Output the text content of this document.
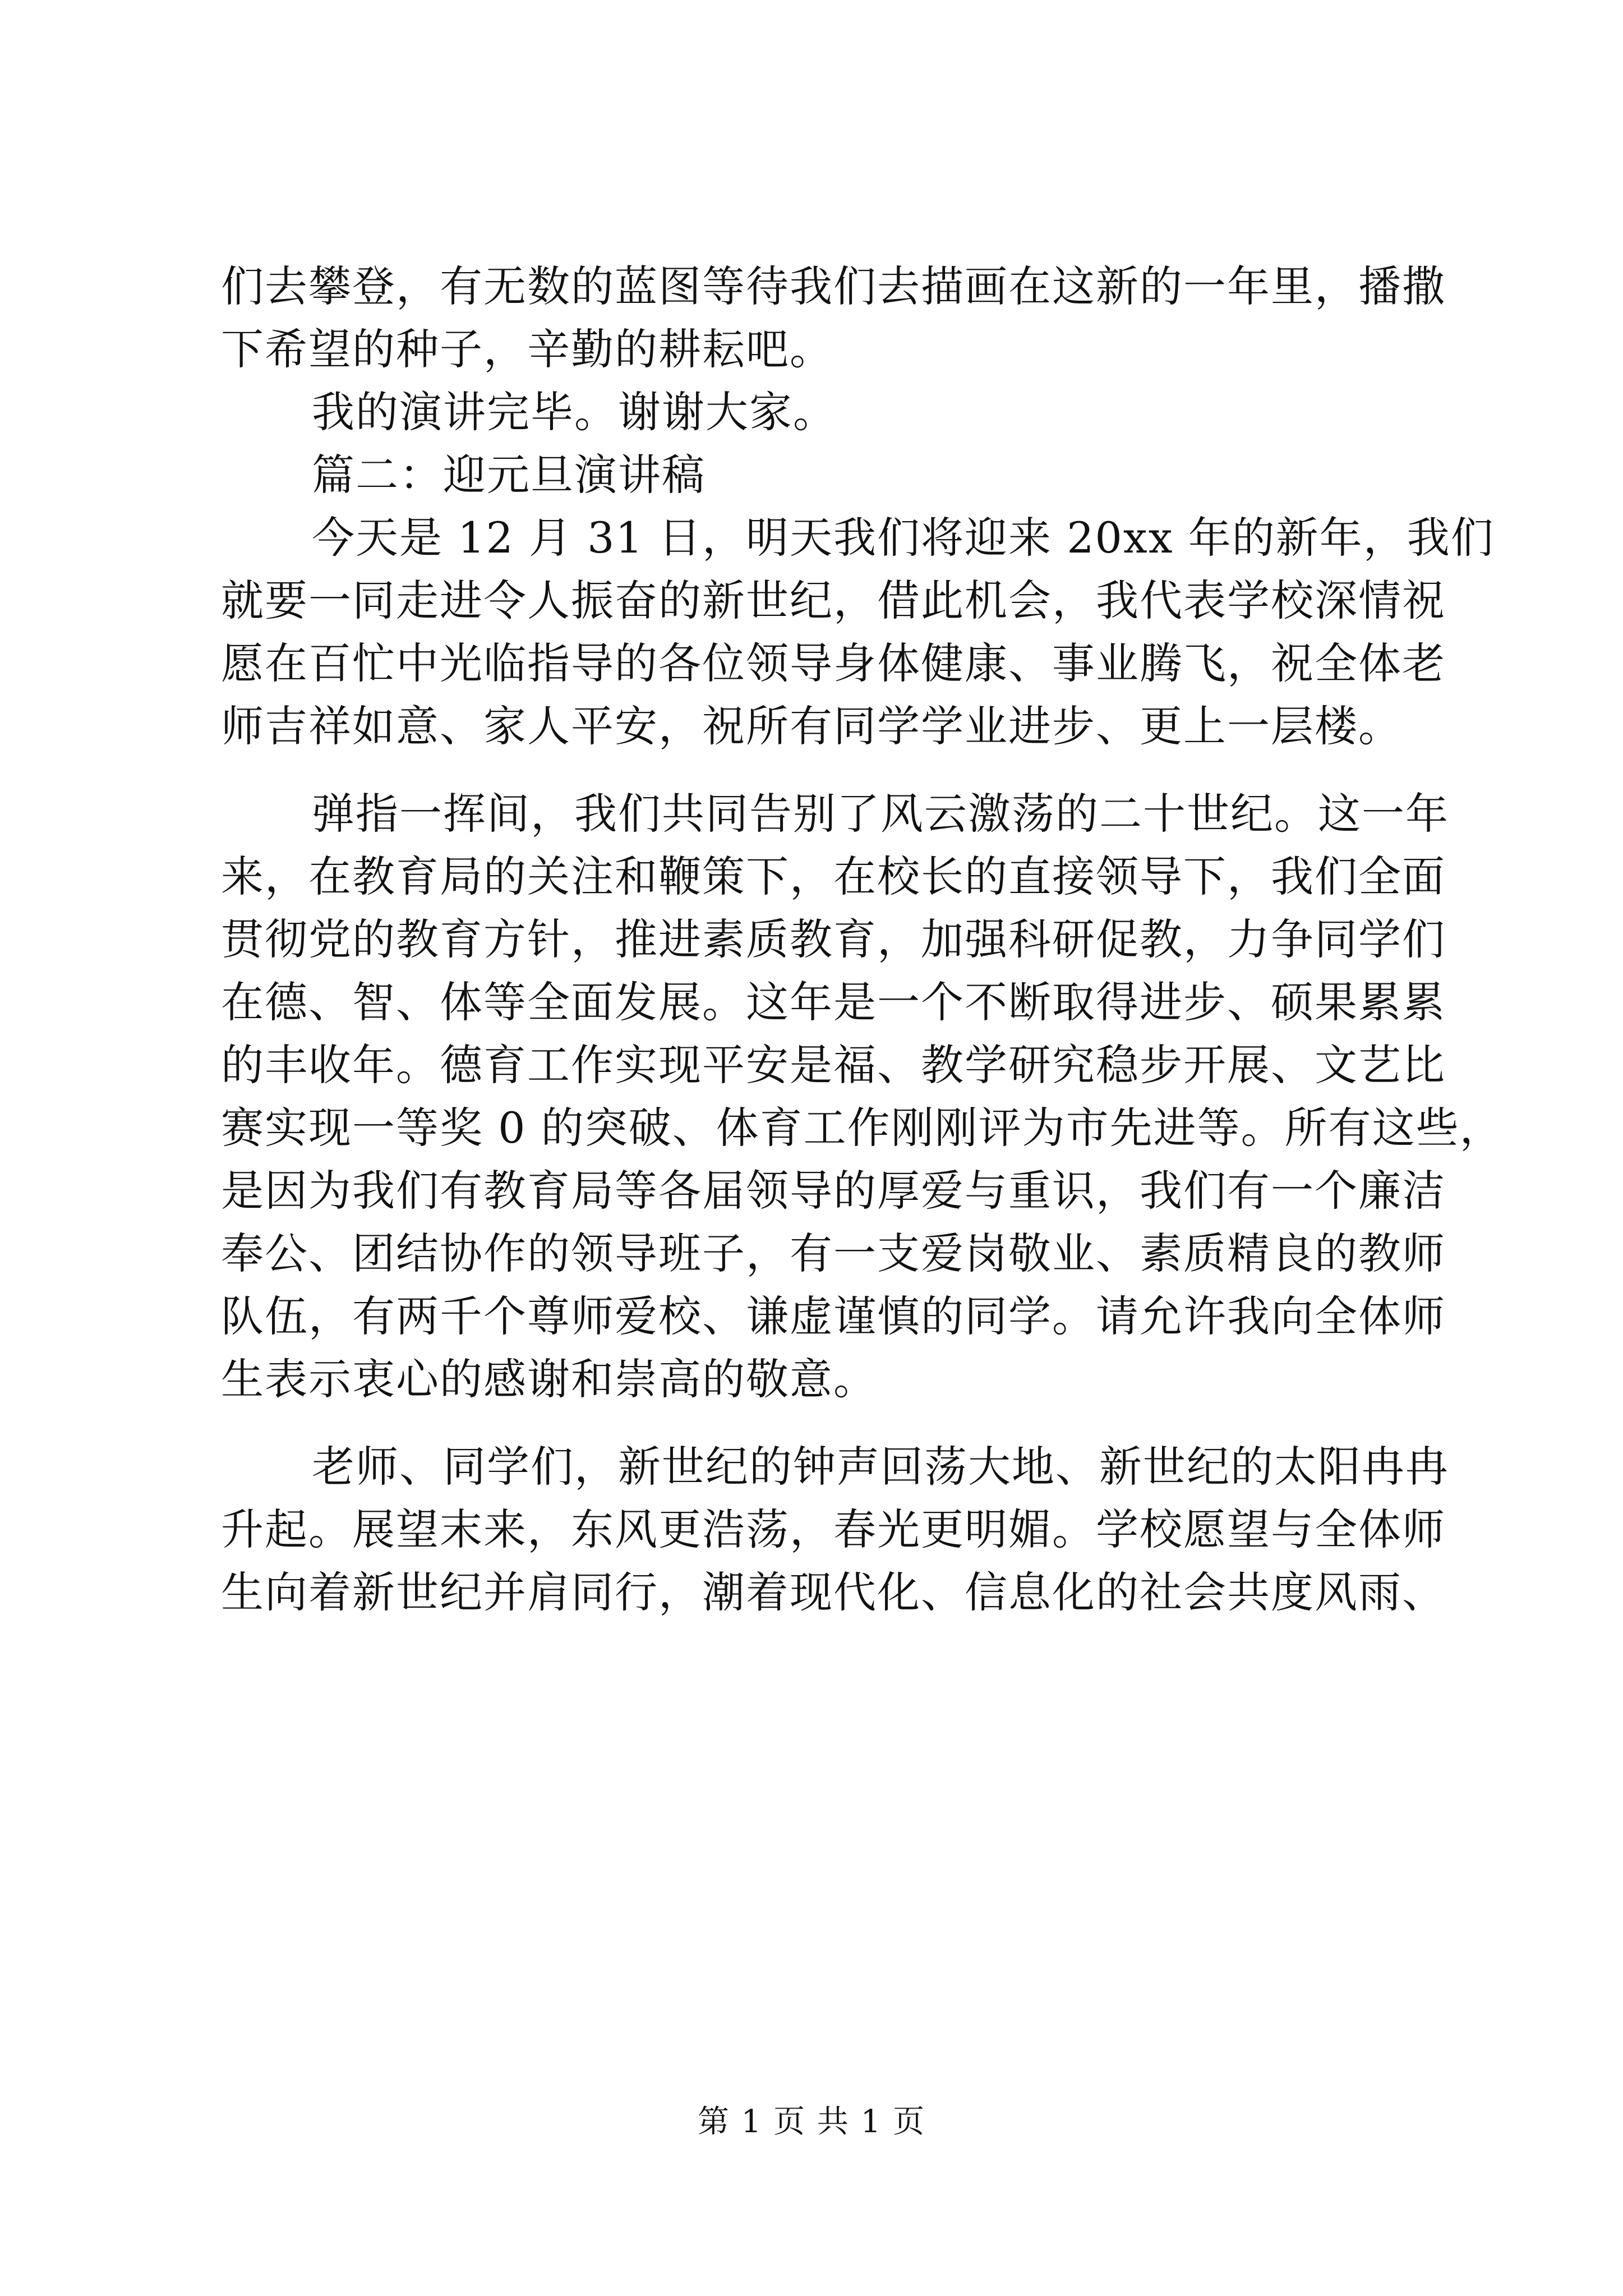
们去攀登，有无数的蓝图等待我们去描画在这新的一年里，播撒
下希望的种子，辛勤的耕耘吧。
我的演讲完毕。谢谢大家。
篇二：迎元旦演讲稿
今天是 12 月 31 日，明天我们将迎来 20xx 年的新年，我们
就要一同走进令人振奋的新世纪，借此机会，我代表学校深情祝
愿在百忙中光临指导的各位领导身体健康、事业腾飞，祝全体老
师吉祥如意、家人平安，祝所有同学学业进步、更上一层楼。
弹指一挥间，我们共同告别了风云激荡的二十世纪。这一年
来，在教育局的关注和鞭策下，在校长的直接领导下，我们全面
贯彻党的教育方针，推进素质教育，加强科研促教，力争同学们
在德、智、体等全面发展。这年是一个不断取得进步、硕果累累
的丰收年。德育工作实现平安是福、教学研究稳步开展、文艺比
赛实现一等奖 0 的突破、体育工作刚刚评为市先进等。所有这些，
是因为我们有教育局等各届领导的厚爱与重识，我们有一个廉洁
奉公、团结协作的领导班子，有一支爱岗敬业、素质精良的教师
队伍，有两千个尊师爱校、谦虚谨慎的同学。请允许我向全体师
生表示衷心的感谢和崇高的敬意。
老师、同学们，新世纪的钟声回荡大地、新世纪的太阳冉冉
升起。展望末来，东风更浩荡，春光更明媚。学校愿望与全体师
生向着新世纪并肩同行，潮着现代化、信息化的社会共度风雨、
第 1 页 共 1 页
